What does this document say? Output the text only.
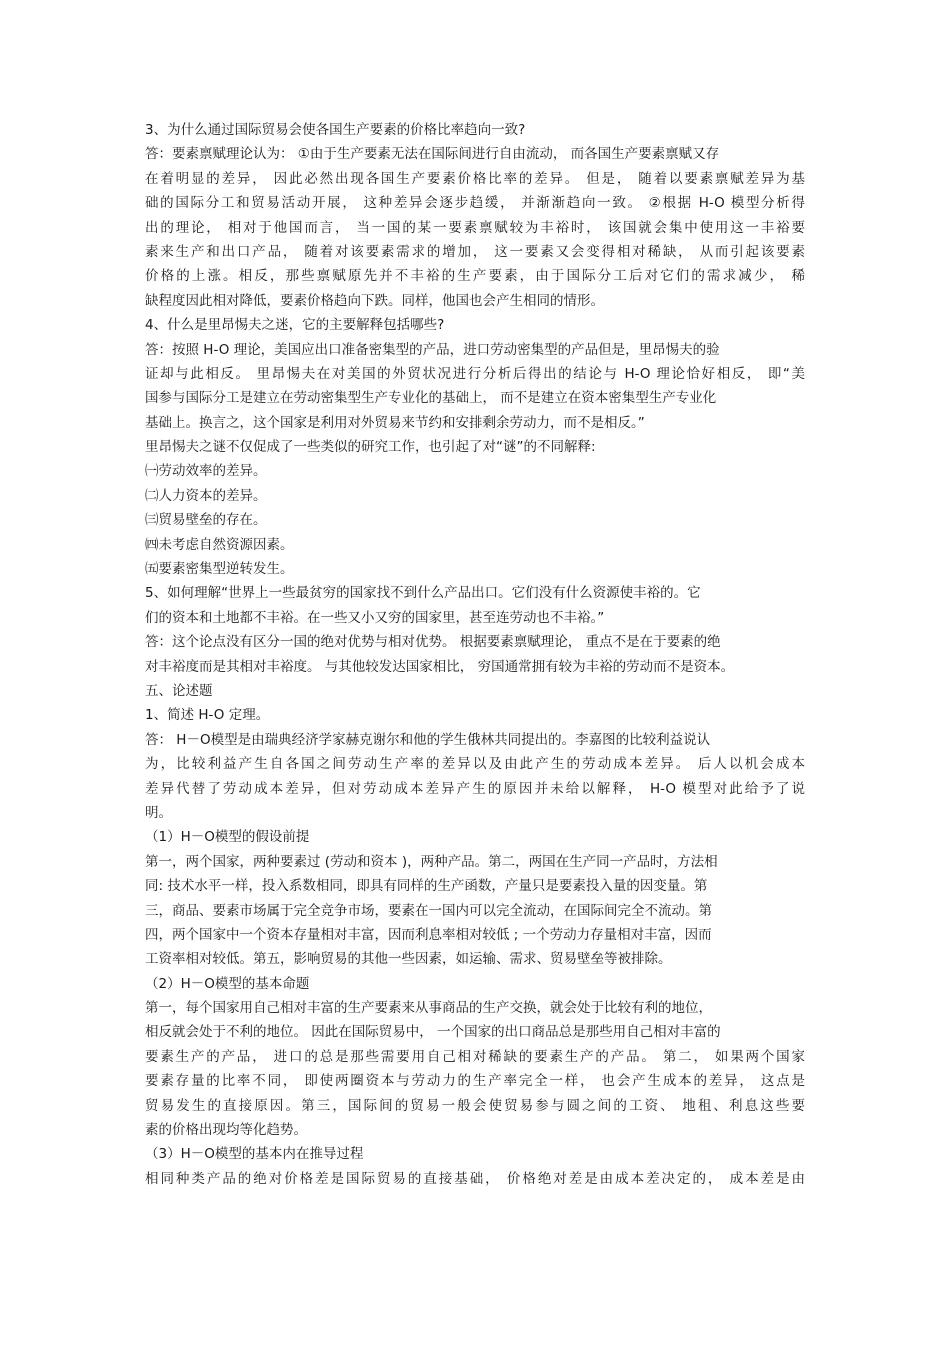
3、为什么通过国际贸易会使各国生产要素的价格比率趋向一致?
答：要素禀赋理论认为： ①由于生产要素无法在国际间进行自由流动， 而各国生产要素禀赋又存
在着明显的差异， 因此必然出现各国生产要素价格比率的差异。 但是， 随着以要素禀赋差异为基
础的国际分工和贸易活动开展， 这种差异会逐步趋缓， 并渐渐趋向一致。 ②根据 H-O 模型分析得
出的理论， 相对于他国而言， 当一国的某一要素禀赋较为丰裕时， 该国就会集中使用这一丰裕要
素来生产和出口产品， 随着对该要素需求的增加， 这一要素又会变得相对稀缺， 从而引起该要素
价格的上涨。相反，那些禀赋原先并不丰裕的生产要素，由于国际分工后对它们的需求减少， 稀
缺程度因此相对降低，要素价格趋向下跌。同样，他国也会产生相同的情形。
4、什么是里昂惕夫之迷，它的主要解释包括哪些?
答：按照 H-O 理论，美国应出口准备密集型的产品，进口劳动密集型的产品但是，里昂惕夫的验
证却与此相反。 里昂惕夫在对美国的外贸状况进行分析后得出的结论与 H-O 理论恰好相反， 即“美
国参与国际分工是建立在劳动密集型生产专业化的基础上， 而不是建立在资本密集型生产专业化
基础上。换言之，这个国家是利用对外贸易来节约和安排剩余劳动力，而不是相反。”
里昂惕夫之谜不仅促成了一些类似的研究工作，也引起了对“谜”的不同解释:
㈠劳动效率的差异。
㈡人力资本的差异。
㈢贸易壁垒的存在。
㈣未考虑自然资源因素。
㈤要素密集型逆转发生。
5、如何理解“世界上一些最贫穷的国家找不到什么产品出口。它们没有什么资源使丰裕的。它
们的资本和土地都不丰裕。在一些又小又穷的国家里，甚至连劳动也不丰裕。”
答：这个论点没有区分一国的绝对优势与相对优势。 根据要素禀赋理论， 重点不是在于要素的绝
对丰裕度而是其相对丰裕度。 与其他较发达国家相比， 穷国通常拥有较为丰裕的劳动而不是资本。
五、论述题
1、简述 H-O 定理。
答： H－O模型是由瑞典经济学家赫克谢尔和他的学生俄林共同提出的。李嘉图的比较利益说认
为，比较利益产生自各国之间劳动生产率的差异以及由此产生的劳动成本差异。 后人以机会成本
差异代替了劳动成本差异，但对劳动成本差异产生的原因并未给以解释， H-O 模型对此给予了说
明。
（1）H－O模型的假设前提
第一，两个国家，两种要素过 (劳动和资本 )，两种产品。第二，两国在生产同一产品时，方法相
同: 技术水平一样，投入系数相同，即具有同样的生产函数，产量只是要素投入量的因变量。第
三，商品、要素市场属于完全竞争市场，要素在一国内可以完全流动，在国际间完全不流动。第
四，两个国家中一个资本存量相对丰富，因而利息率相对较低 ; 一个劳动力存量相对丰富，因而
工资率相对较低。第五，影响贸易的其他一些因素，如运输、需求、贸易壁垒等被排除。
（2）H－O模型的基本命题
第一，每个国家用自己相对丰富的生产要素来从事商品的生产交换，就会处于比较有利的地位，
相反就会处于不利的地位。 因此在国际贸易中， 一个国家的出口商品总是那些用自己相对丰富的
要素生产的产品， 进口的总是那些需要用自己相对稀缺的要素生产的产品。 第二， 如果两个国家
要素存量的比率不同， 即使两圈资本与劳动力的生产率完全一样， 也会产生成本的差异， 这点是
贸易发生的直接原因。第三，国际间的贸易一般会使贸易参与圆之间的工资、 地租、利息这些要
素的价格出现均等化趋势。
（3）H－O模型的基本内在推导过程
相同种类产品的绝对价格差是国际贸易的直接基础， 价格绝对差是由成本差决定的， 成本差是由
